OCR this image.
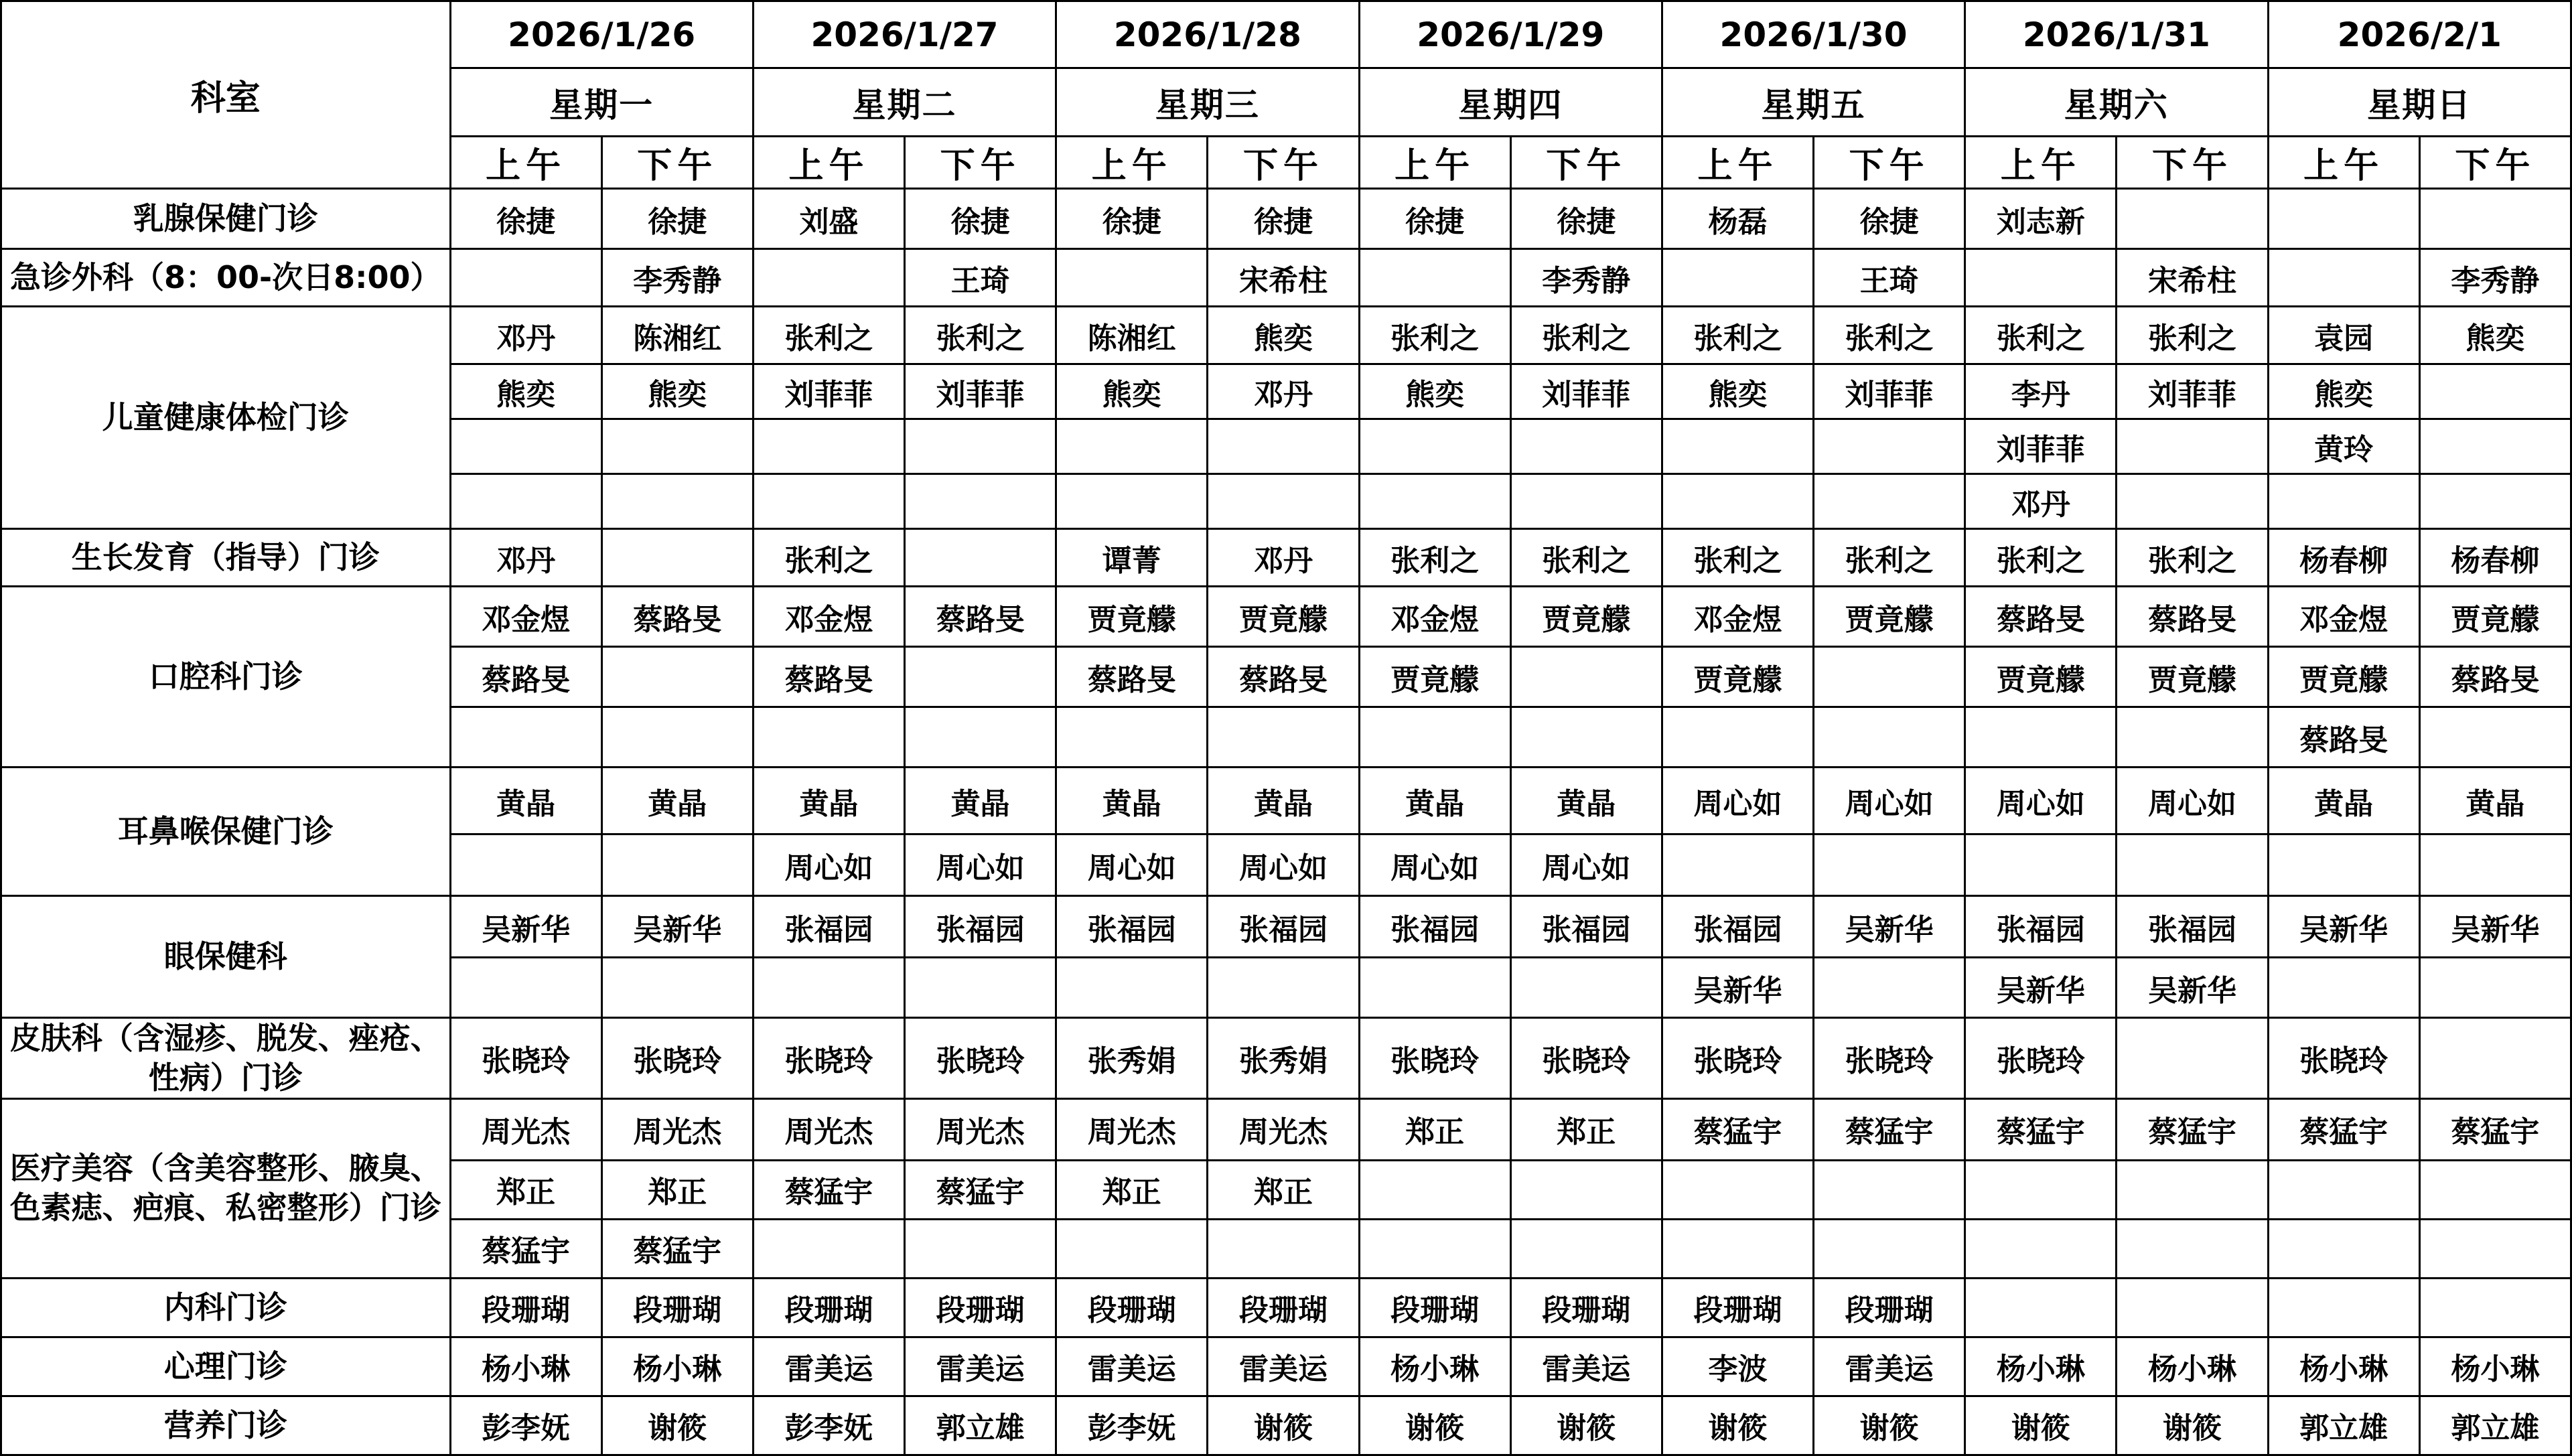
科室	2026/1/26		2026/1/27		2026/1/28		2026/1/29		2026/1/30		2026/1/31		2026/2/1	
	星期一		星期二		星期三		星期四		星期五		星期六		星期日	
	上午	下午	上午	下午	上午	下午	上午	下午	上午	下午	上午	下午	上午	下午
乳腺保健门诊	徐捷	徐捷	刘盛	徐捷	徐捷	徐捷	徐捷	徐捷	杨磊	徐捷	刘志新			
急诊外科（8：00-次日8:00）		李秀静		王琦		宋希柱		李秀静		王琦		宋希柱		李秀静
儿童健康体检门诊	邓丹	陈湘红	张利之	张利之	陈湘红	熊奕	张利之	张利之	张利之	张利之	张利之	张利之	袁园	熊奕
	熊奕	熊奕	刘菲菲	刘菲菲	熊奕	邓丹	熊奕	刘菲菲	熊奕	刘菲菲	李丹	刘菲菲	熊奕	
											刘菲菲		黄玲	
											邓丹			
生长发育（指导）门诊	邓丹		张利之		谭菁	邓丹	张利之	张利之	张利之	张利之	张利之	张利之	杨春柳	杨春柳
口腔科门诊	邓金煜	蔡路旻	邓金煜	蔡路旻	贾竟艨	贾竟艨	邓金煜	贾竟艨	邓金煜	贾竟艨	蔡路旻	蔡路旻	邓金煜	贾竟艨
	蔡路旻		蔡路旻		蔡路旻	蔡路旻	贾竟艨		贾竟艨		贾竟艨	贾竟艨	贾竟艨	蔡路旻
													蔡路旻	
耳鼻喉保健门诊	黄晶	黄晶	黄晶	黄晶	黄晶	黄晶	黄晶	黄晶	周心如	周心如	周心如	周心如	黄晶	黄晶
			周心如	周心如	周心如	周心如	周心如	周心如						
眼保健科	吴新华	吴新华	张福园	张福园	张福园	张福园	张福园	张福园	张福园	吴新华	张福园	张福园	吴新华	吴新华
									吴新华		吴新华	吴新华		
皮肤科（含湿疹、脱发、痤疮、性病）门诊	张晓玲	张晓玲	张晓玲	张晓玲	张秀娟	张秀娟	张晓玲	张晓玲	张晓玲	张晓玲	张晓玲		张晓玲	
医疗美容（含美容整形、腋臭、色素痣、疤痕、私密整形）门诊	周光杰	周光杰	周光杰	周光杰	周光杰	周光杰	郑正	郑正	蔡猛宇	蔡猛宇	蔡猛宇	蔡猛宇	蔡猛宇	蔡猛宇
	郑正	郑正	蔡猛宇	蔡猛宇	郑正	郑正								
	蔡猛宇	蔡猛宇												
内科门诊	段珊瑚	段珊瑚	段珊瑚	段珊瑚	段珊瑚	段珊瑚	段珊瑚	段珊瑚	段珊瑚	段珊瑚				
心理门诊	杨小琳	杨小琳	雷美运	雷美运	雷美运	雷美运	杨小琳	雷美运	李波	雷美运	杨小琳	杨小琳	杨小琳	杨小琳
营养门诊	彭李妩	谢筱	彭李妩	郭立雄	彭李妩	谢筱	谢筱	谢筱	谢筱	谢筱	谢筱	谢筱	郭立雄	郭立雄
